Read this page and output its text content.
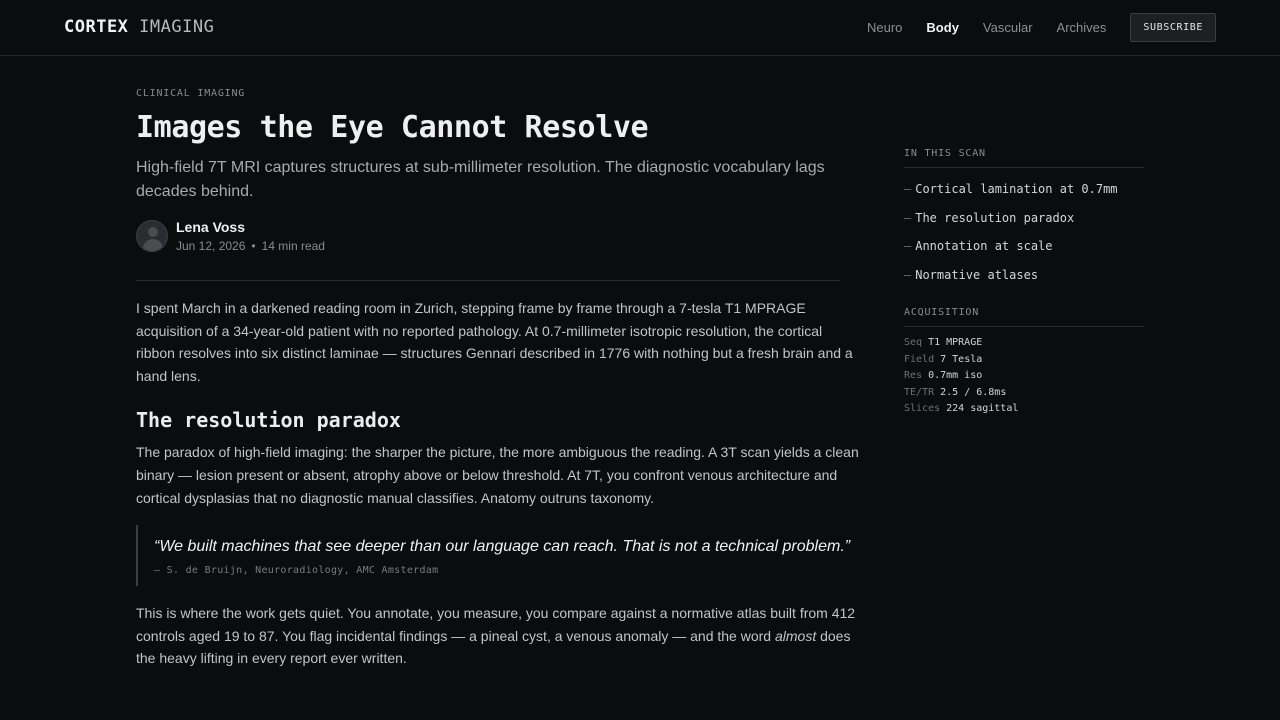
CORTEX IMAGING	Neuro Body Vascular Archives	SUBSCRIBE
CLINICAL IMAGING
Images the Eye Cannot Resolve

High-field 7T MRI captures structures at sub-millimeter resolution. The diagnostic vocabulary lags decades behind.

Lena Voss
Jun 12, 2026 • 14 min read

I spent March in a darkened reading room in Zurich, stepping frame by frame through a 7-tesla T1 MPRAGE acquisition of a 34-year-old patient with no reported pathology. At 0.7-millimeter isotropic resolution, the cortical ribbon resolves into six distinct laminae — structures Gennari described in 1776 with nothing but a fresh brain and a hand lens.

The resolution paradox

The paradox of high-field imaging: the sharper the picture, the more ambiguous the reading. A 3T scan yields a clean binary — lesion present or absent, atrophy above or below threshold. At 7T, you confront venous architecture and cortical dysplasias that no diagnostic manual classifies. Anatomy outruns taxonomy.

“We built machines that see deeper than our language can reach. That is not a technical problem.”
— S. de Bruijn, Neuroradiology, AMC Amsterdam

This is where the work gets quiet. You annotate, you measure, you compare against a normative atlas built from 412 controls aged 19 to 87. You flag incidental findings — a pineal cyst, a venous anomaly — and the word almost does the heavy lifting in every report ever written.

IN THIS SCAN
– Cortical lamination at 0.7mm
– The resolution paradox
– Annotation at scale
– Normative atlases
ACQUISITION
Seq T1 MPRAGE
Field 7 Tesla
Res 0.7mm iso
TE/TR 2.5 / 6.8ms
Slices 224 sagittal
